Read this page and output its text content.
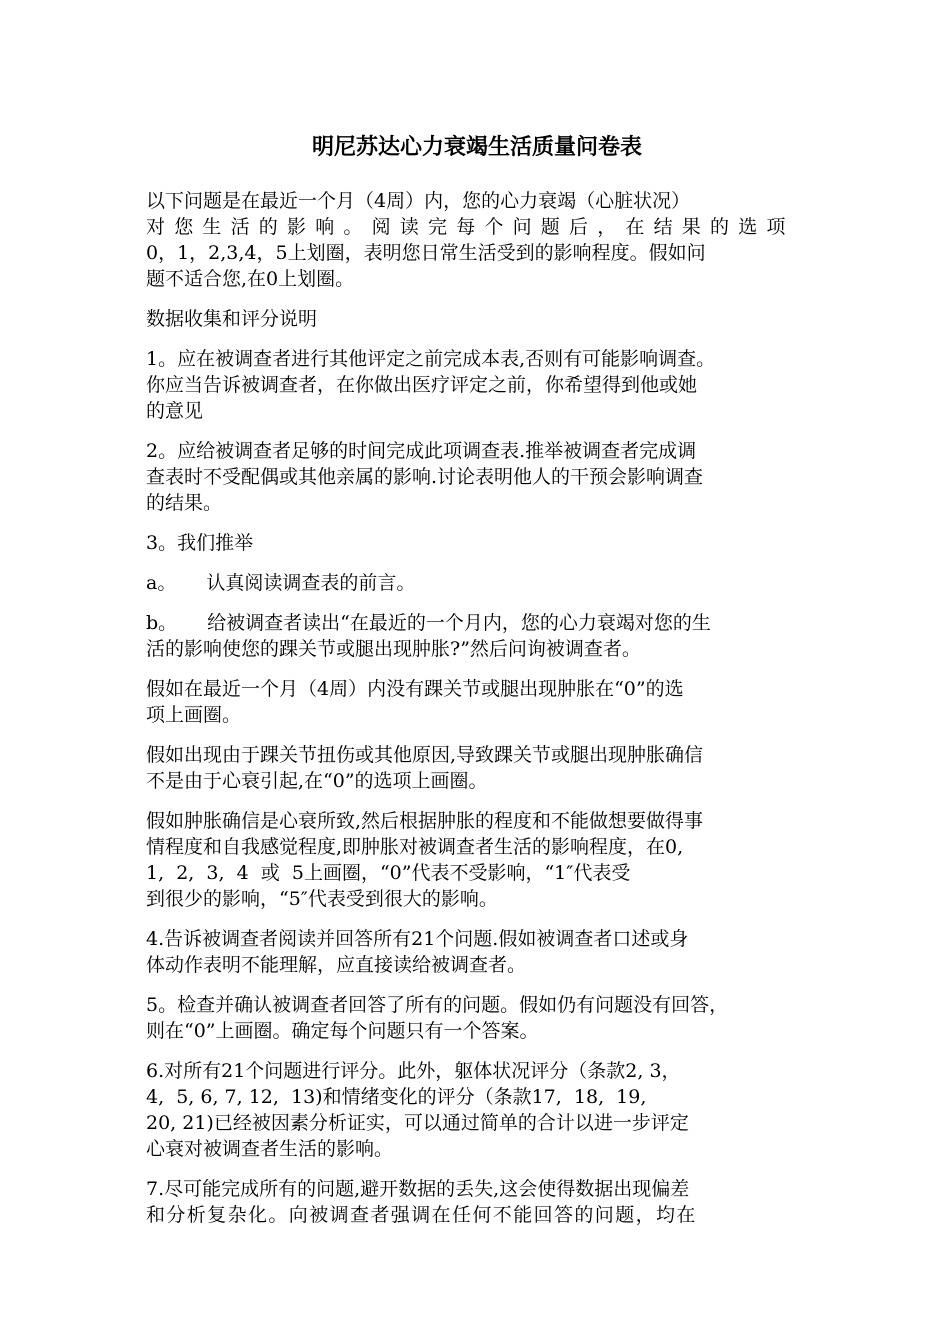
明尼苏达心力衰竭生活质量问卷表
以下问题是在最近一个月（4周）内，您的心力衰竭（心脏状况）
对您生活的影响。阅读完每个问题后，在结果的选项
0，1，2,3,4，5上划圈，表明您日常生活受到的影响程度。假如问
题不适合您,在0上划圈。
数据收集和评分说明
1。应在被调查者进行其他评定之前完成本表,否则有可能影响调查。
你应当告诉被调查者，在你做出医疗评定之前，你希望得到他或她
的意见
2。应给被调查者足够的时间完成此项调查表.推举被调查者完成调
查表时不受配偶或其他亲属的影响.讨论表明他人的干预会影响调查
的结果。
3。我们推举
a。 认真阅读调查表的前言。
b。 给被调查者读出“在最近的一个月内，您的心力衰竭对您的生
活的影响使您的踝关节或腿出现肿胀?”然后问询被调查者。
假如在最近一个月（4周）内没有踝关节或腿出现肿胀在“0”的选
项上画圈。
假如出现由于踝关节扭伤或其他原因,导致踝关节或腿出现肿胀确信
不是由于心衰引起,在“0”的选项上画圈。
假如肿胀确信是心衰所致,然后根据肿胀的程度和不能做想要做得事
情程度和自我感觉程度,即肿胀对被调查者生活的影响程度，在0,
1,  2,  3,  4  或  5上画圈，“0”代表不受影响，“1″代表受
到很少的影响，“5″代表受到很大的影响。
4.告诉被调查者阅读并回答所有21个问题.假如被调查者口述或身
体动作表明不能理解，应直接读给被调查者。
5。检查并确认被调查者回答了所有的问题。假如仍有问题没有回答，
则在“0”上画圈。确定每个问题只有一个答案。
6.对所有21个问题进行评分。此外，躯体状况评分（条款2, 3，
4,  5, 6, 7, 12,  13)和情绪变化的评分（条款17,  18,  19,
20, 21)已经被因素分析证实，可以通过简单的合计以进一步评定
心衰对被调查者生活的影响。
7.尽可能完成所有的问题,避开数据的丢失,这会使得数据出现偏差
和分析复杂化。向被调查者强调在任何不能回答的问题，均在
